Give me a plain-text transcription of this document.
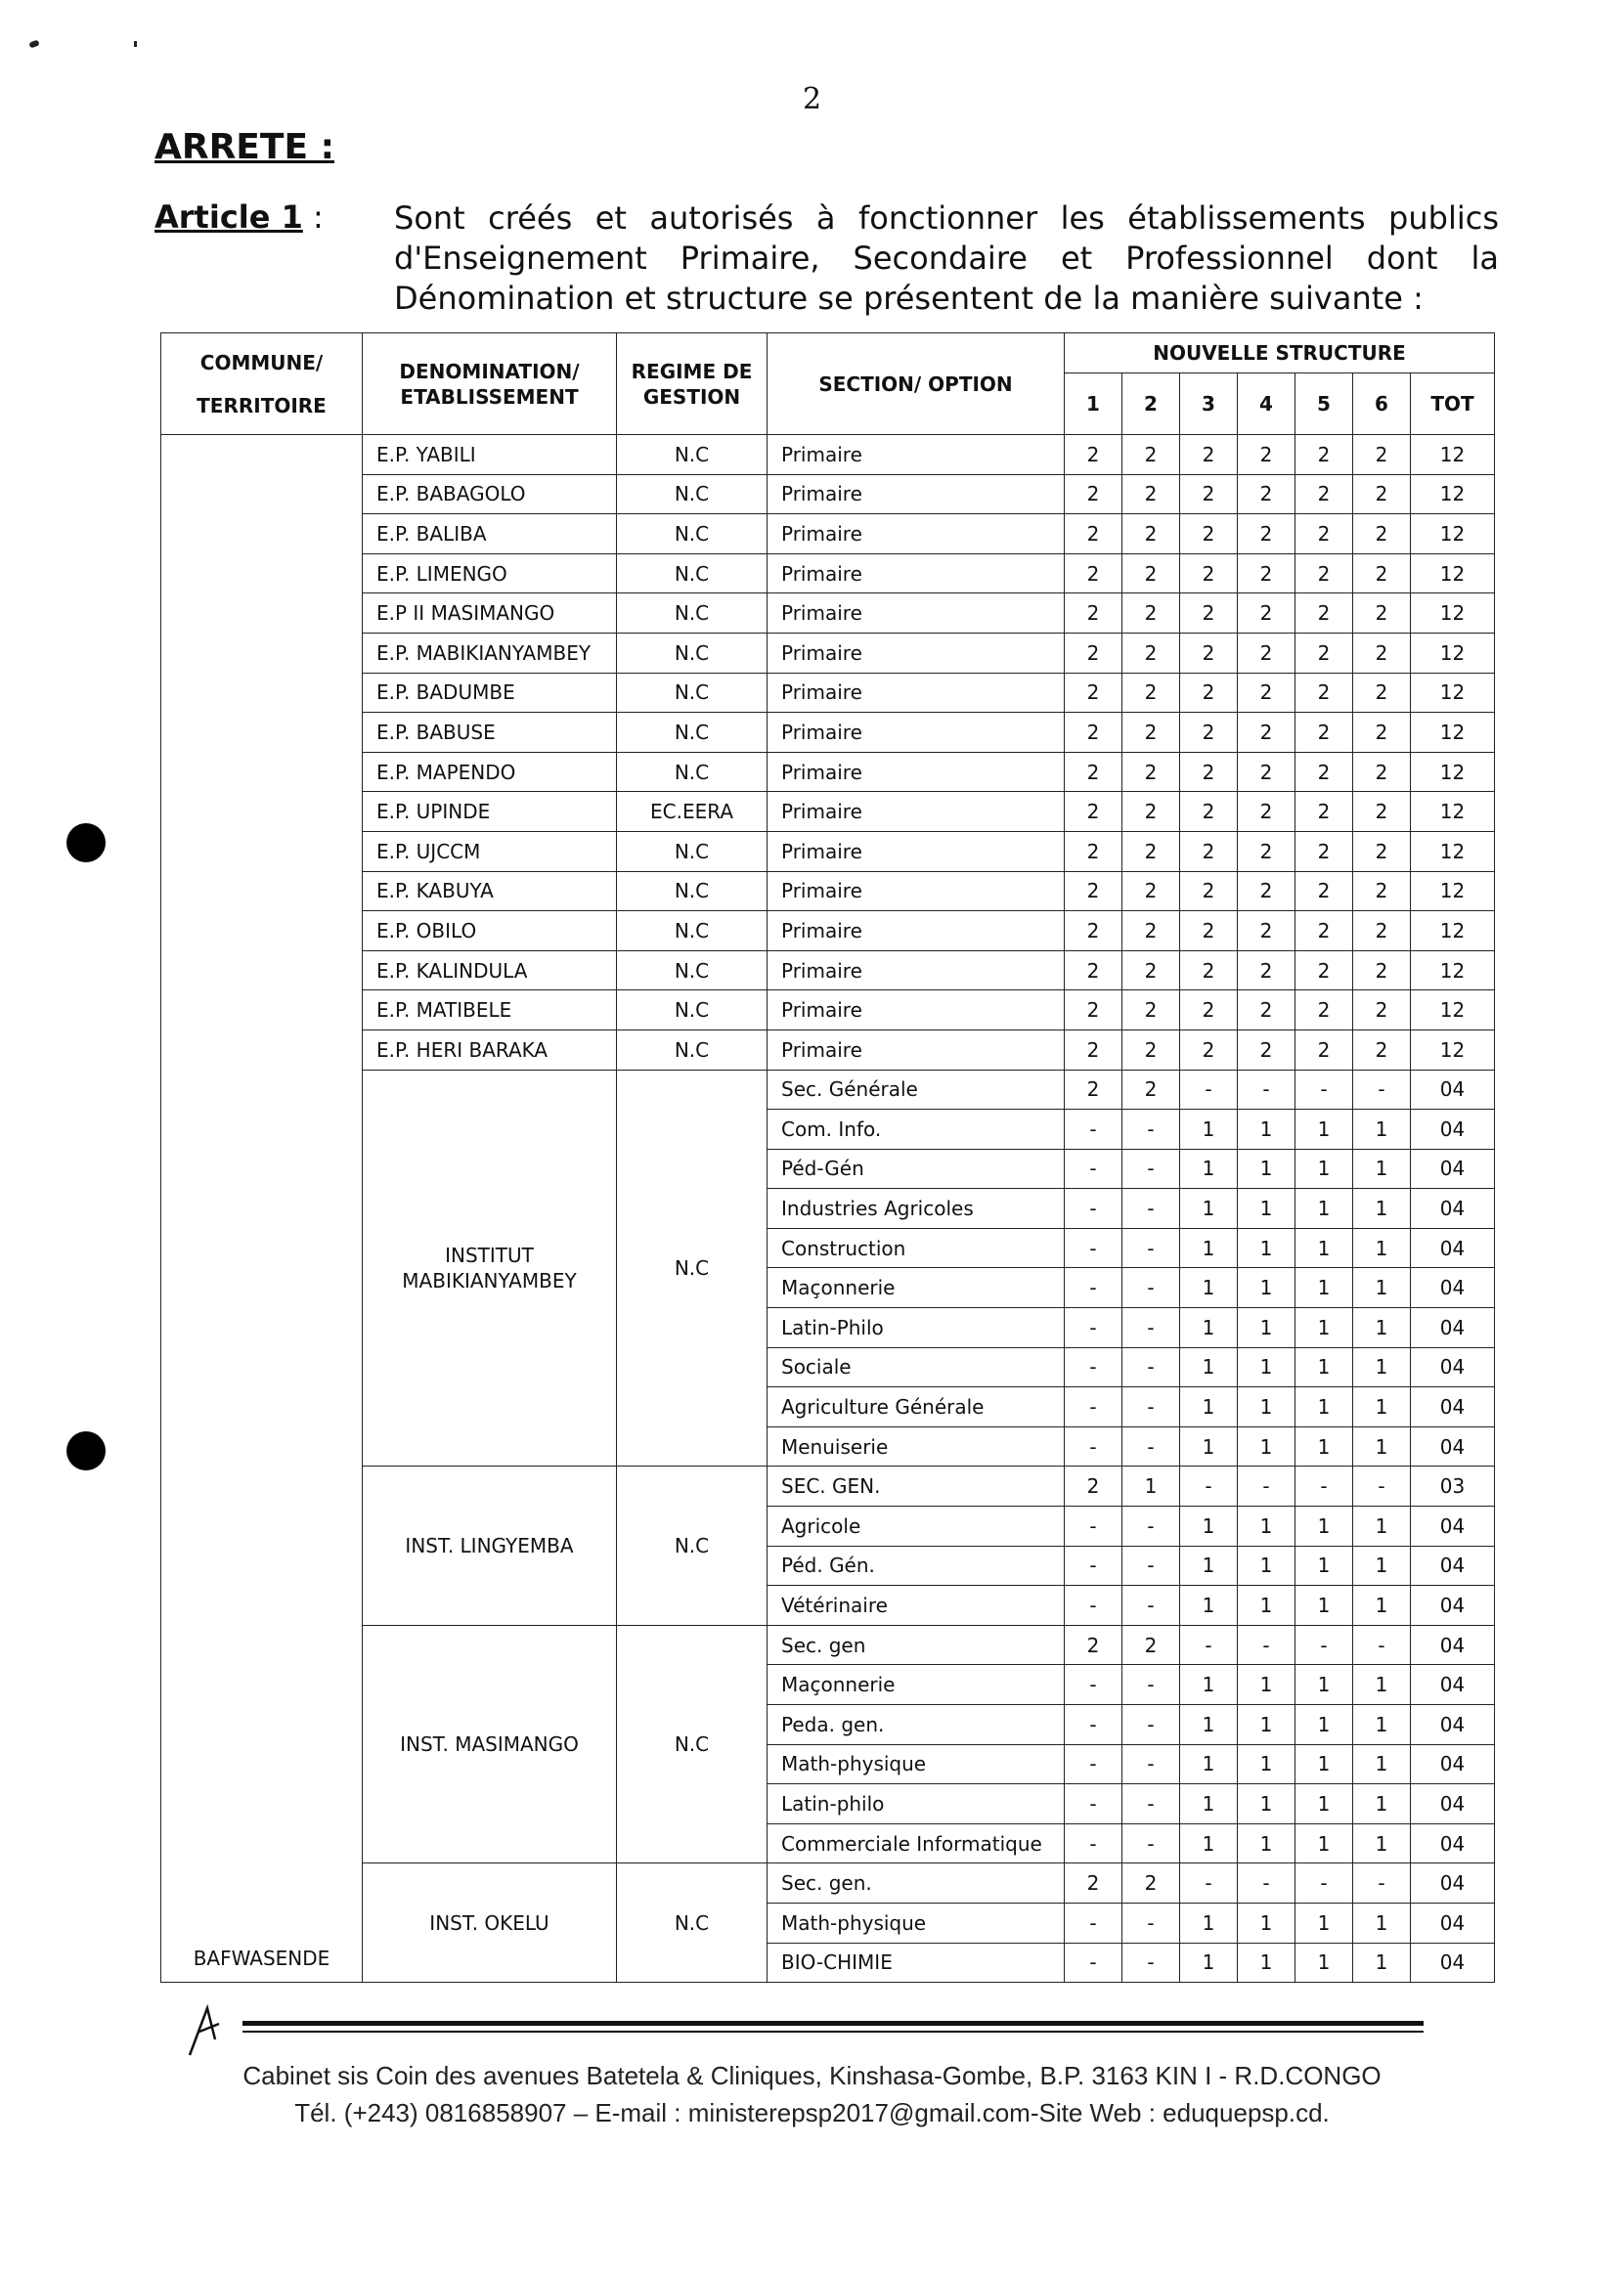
2
ARRETE :
Article 1 : Sont créés et autorisés à fonctionner les établissements publics d'Enseignement Primaire, Secondaire et Professionnel dont la Dénomination et structure se présentent de la manière suivante :
COMMUNE/ TERRITOIRE	DENOMINATION/ ETABLISSEMENT	REGIME DE GESTION	SECTION/ OPTION	NOUVELLE STRUCTURE						
				1	2	3	4	5	6	TOT
BAFWASENDE	E.P. YABILI	N.C	Primaire	2	2	2	2	2	2	12
	E.P. BABAGOLO	N.C	Primaire	2	2	2	2	2	2	12
	E.P. BALIBA	N.C	Primaire	2	2	2	2	2	2	12
	E.P. LIMENGO	N.C	Primaire	2	2	2	2	2	2	12
	E.P II MASIMANGO	N.C	Primaire	2	2	2	2	2	2	12
	E.P. MABIKIANYAMBEY	N.C	Primaire	2	2	2	2	2	2	12
	E.P. BADUMBE	N.C	Primaire	2	2	2	2	2	2	12
	E.P. BABUSE	N.C	Primaire	2	2	2	2	2	2	12
	E.P. MAPENDO	N.C	Primaire	2	2	2	2	2	2	12
	E.P. UPINDE	EC.EERA	Primaire	2	2	2	2	2	2	12
	E.P. UJCCM	N.C	Primaire	2	2	2	2	2	2	12
	E.P. KABUYA	N.C	Primaire	2	2	2	2	2	2	12
	E.P. OBILO	N.C	Primaire	2	2	2	2	2	2	12
	E.P. KALINDULA	N.C	Primaire	2	2	2	2	2	2	12
	E.P. MATIBELE	N.C	Primaire	2	2	2	2	2	2	12
	E.P. HERI BARAKA	N.C	Primaire	2	2	2	2	2	2	12
	INSTITUT MABIKIANYAMBEY	N.C	Sec. Générale	2	2	-	-	-	-	04
			Com. Info.	-	-	1	1	1	1	04
			Péd-Gén	-	-	1	1	1	1	04
			Industries Agricoles	-	-	1	1	1	1	04
			Construction	-	-	1	1	1	1	04
			Maçonnerie	-	-	1	1	1	1	04
			Latin-Philo	-	-	1	1	1	1	04
			Sociale	-	-	1	1	1	1	04
			Agriculture Générale	-	-	1	1	1	1	04
			Menuiserie	-	-	1	1	1	1	04
	INST. LINGYEMBA	N.C	SEC. GEN.	2	1	-	-	-	-	03
			Agricole	-	-	1	1	1	1	04
			Péd. Gén.	-	-	1	1	1	1	04
			Vétérinaire	-	-	1	1	1	1	04
	INST. MASIMANGO	N.C	Sec. gen	2	2	-	-	-	-	04
			Maçonnerie	-	-	1	1	1	1	04
			Peda. gen.	-	-	1	1	1	1	04
			Math-physique	-	-	1	1	1	1	04
			Latin-philo	-	-	1	1	1	1	04
			Commerciale Informatique	-	-	1	1	1	1	04
	INST. OKELU	N.C	Sec. gen.	2	2	-	-	-	-	04
			Math-physique	-	-	1	1	1	1	04
			BIO-CHIMIE	-	-	1	1	1	1	04
Cabinet sis Coin des avenues Batetela & Cliniques, Kinshasa-Gombe, B.P. 3163 KIN I - R.D.CONGO
Tél. (+243) 0816858907 – E-mail : ministerepsp2017@gmail.com-Site Web : eduquepsp.cd.
